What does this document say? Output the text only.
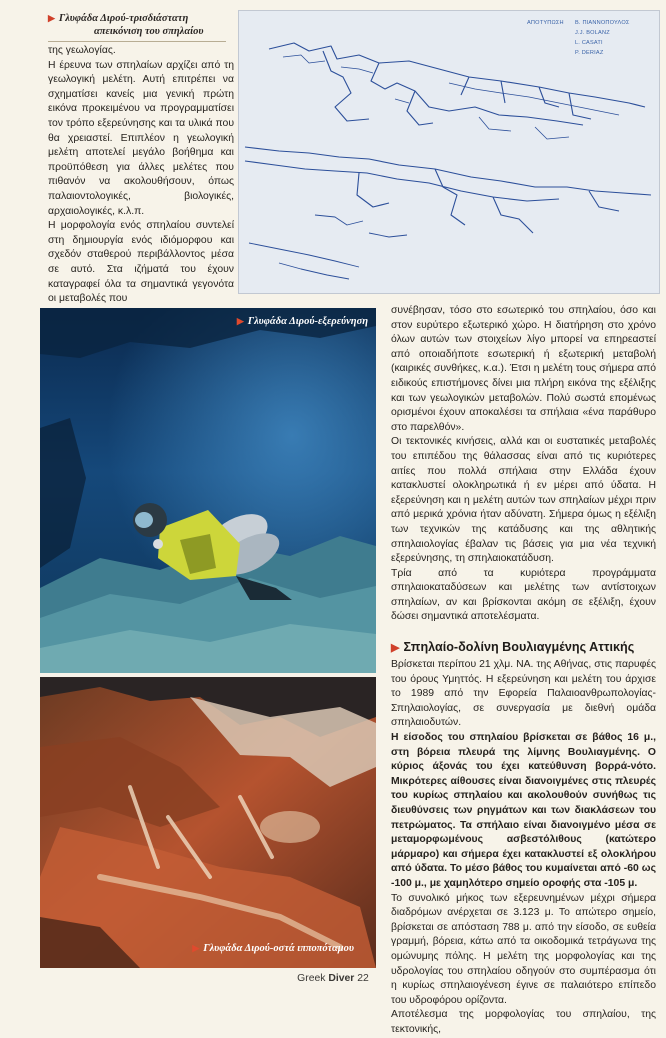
▶ Γλυφάδα Διρού-τρισδιάστατη
απεικόνιση του σπηλαίου

της γεωλογίας.

Η έρευνα των σπηλαίων αρχίζει από τη γεωλογική μελέτη. Αυτή επιτρέπει να σχηματίσει κανείς μια γενική πρώτη εικόνα προκειμένου να προγραμματίσει τον τρόπο εξερεύνησης και τα υλικά που θα χρειαστεί. Επιπλέον η γεωλογική μελέτη αποτελεί μεγάλο βοήθημα και προϋπόθεση για άλλες μελέτες που πιθανόν να ακολουθήσουν, όπως παλαιοντολογικές, βιολογικές, αρχαιολογικές, κ.λ.π.

Η μορφολογία ενός σπηλαίου συντελεί στη δημιουργία ενός ιδιόμορφου και σχεδόν σταθερού περιβάλλοντος μέσα σε αυτό. Στα ιζήματά του έχουν καταγραφεί όλα τα σημαντικά γεγονότα οι μεταβολές που

ΑΠΟΤΥΠΩΣΗ Β. ΠΙΑΝΝΟΠΟΥΛΟΣ
J.J. BOLANZ
L. CASATI
P. DERIAZ
▶ Γλυφάδα Διρού-εξερεύνηση
▶ Γλυφάδα Διρού-οστά ιπποπόταμου

συνέβησαν, τόσο στο εσωτερικό του σπηλαίου, όσο και στον ευρύτερο εξωτερικό χώρο. Η διατήρηση στο χρόνο όλων αυτών των στοιχείων λίγο μπορεί να επηρεαστεί από οποιαδήποτε εσωτερική ή εξωτερική μεταβολή (καιρικές συνθήκες, κ.α.). Έτσι η μελέτη τους σήμερα από ειδικούς επιστήμονες δίνει μια πλήρη εικόνα της εξέλιξης και των γεωλογικών μεταβολών. Πολύ σωστά επομένως ορισμένοι έχουν αποκαλέσει τα σπήλαια «ένα παράθυρο στο παρελθόν».

Οι τεκτονικές κινήσεις, αλλά και οι ευστατικές μεταβολές του επιπέδου της θάλασσας είναι από τις κυριότερες αιτίες που πολλά σπήλαια στην Ελλάδα έχουν κατακλυστεί ολοκληρωτικά ή εν μέρει από ύδατα. Η εξερεύνηση και η μελέτη αυτών των σπηλαίων μέχρι πριν από μερικά χρόνια ήταν αδύνατη. Σήμερα όμως η εξέλιξη των τεχνικών της κατάδυσης και της αθλητικής σπηλαιολογίας έβαλαν τις βάσεις για μια νέα τεχνική εξερεύνησης, τη σπηλαιοκατάδυση.

Τρία από τα κυριότερα προγράμματα σπηλαιοκαταδύσεων και μελέτης των αντίστοιχων σπηλαίων, αν και βρίσκονται ακόμη σε εξέλιξη, έχουν δώσει σημαντικά αποτελέσματα.

▶ Σπηλαίο-δολίνη Βουλιαγμένης Αττικής

Βρίσκεται περίπου 21 χλμ. ΝΑ. της Αθήνας, στις παρυφές του όρους Υμηττός. Η εξερεύνηση και μελέτη του άρχισε το 1989 από την Εφορεία Παλαιοανθρωπολογίας-Σπηλαιολογίας, σε συνεργασία με διεθνή ομάδα σπηλαιοδυτών.

Η είσοδος του σπηλαίου βρίσκεται σε βάθος 16 μ., στη βόρεια πλευρά της λίμνης Βουλιαγμένης. Ο κύριος άξονάς του έχει κατεύθυνση βορρά-νότο. Μικρότερες αίθουσες είναι διανοιγμένες στις πλευρές του κυρίως σπηλαίου και ακολουθούν συνήθως τις διευθύνσεις των ρηγμάτων και των διακλάσεων του πετρώματος. Τα σπήλαιο είναι διανοιγμένο μέσα σε μεταμορφωμένους ασβεστόλιθους (κατώτερο μάρμαρο) και σήμερα έχει κατακλυστεί εξ ολοκλήρου από ύδατα. Το μέσο βάθος του κυμαίνεται από -60 ως -100 μ., με χαμηλότερο σημείο οροφής στα -105 μ.

Το συνολικό μήκος των εξερευνημένων μέχρι σήμερα διαδρόμων ανέρχεται σε 3.123 μ. Το απώτερο σημείο, βρίσκεται σε απόσταση 788 μ. από την είσοδο, σε ευθεία γραμμή, βόρεια, κάτω από τα οικοδομικά τετράγωνα της ομώνυμης πόλης. Η μελέτη της μορφολογίας και της υδρολογίας του σπηλαίου οδηγούν στο συμπέρασμα ότι η κυρίως σπηλαιογένεση έγινε σε παλαιότερο επίπεδο του υδροφόρου ορίζοντα.

Αποτέλεσμα της μορφολογίας του σπηλαίου, της τεκτονικής,

Greek Diver 22
